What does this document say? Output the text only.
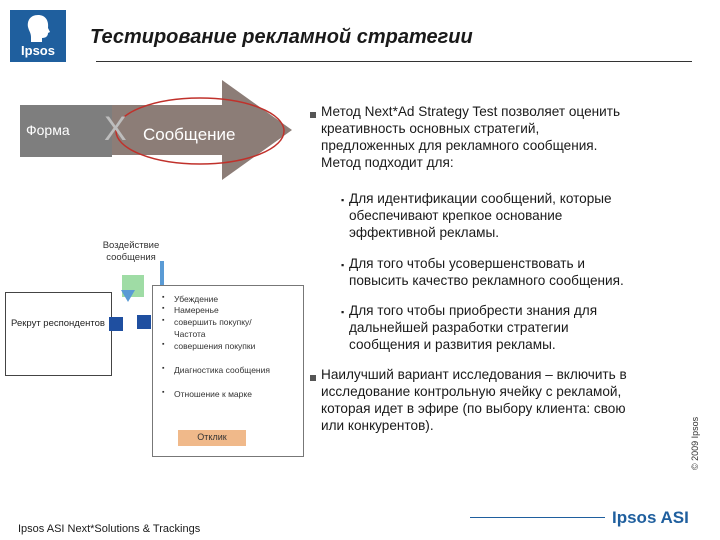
Ipsos
Тестирование рекламной стратегии
Форма X Сообщение
Воздействие сообщения
Рекрут респондентов
▪ Убеждение
▪ Намеренье
▪ совершить покупку/
Частота
▪ совершения покупки
▪ Диагностика сообщения
▪ Отношение к марке
Отклик
Метод Next*Ad Strategy Test позволяет оценить
креативность основных стратегий,
предложенных для рекламного сообщения.
Метод подходит для:
▪ Для идентификации сообщений, которые
обеспечивают крепкое основание
эффективной рекламы.
▪ Для того чтобы усовершенствовать и
повысить качество рекламного сообщения.
▪ Для того чтобы приобрести знания для
дальнейшей разработки стратегии
сообщения и развития рекламы.
Наилучший вариант исследования – включить в
исследование контрольную ячейку с рекламой,
которая идет в эфире (по выбору клиента: свою
или конкурентов).	© 2009 Ipsos
Ipsos ASI Next*Solutions & Trackings
Ipsos ASI
